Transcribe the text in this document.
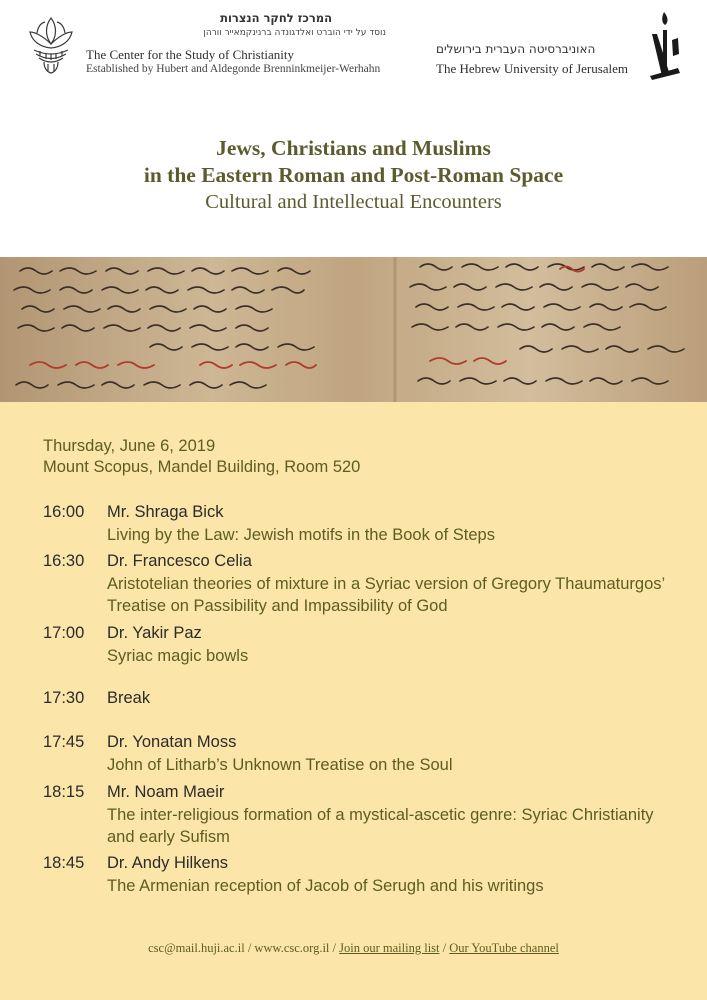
המרכז לחקר הנצרות
נוסד על ידי הוברט ואלדגונדה ברנינקמאייר וורהן
The Center for the Study of Christianity
Established by Hubert and Aldegonde Brenninkmeijer-Werhahn
האוניברסיטה העברית בירושלים
The Hebrew University of Jerusalem
Jews, Christians and Muslims
in the Eastern Roman and Post-Roman Space
Cultural and Intellectual Encounters
Thursday, June 6, 2019
Mount Scopus, Mandel Building, Room 520
16:00 Mr. Shraga Bick
Living by the Law: Jewish motifs in the Book of Steps
16:30 Dr. Francesco Celia
Aristotelian theories of mixture in a Syriac version of Gregory Thaumaturgos’ Treatise on Passibility and Impassibility of God
17:00 Dr. Yakir Paz
Syriac magic bowls
17:30 Break
17:45 Dr. Yonatan Moss
John of Litharb’s Unknown Treatise on the Soul
18:15 Mr. Noam Maeir
The inter-religious formation of a mystical-ascetic genre: Syriac Christianity and early Sufism
18:45 Dr. Andy Hilkens
The Armenian reception of Jacob of Serugh and his writings
csc@mail.huji.ac.il / www.csc.org.il / Join our mailing list / Our YouTube channel
